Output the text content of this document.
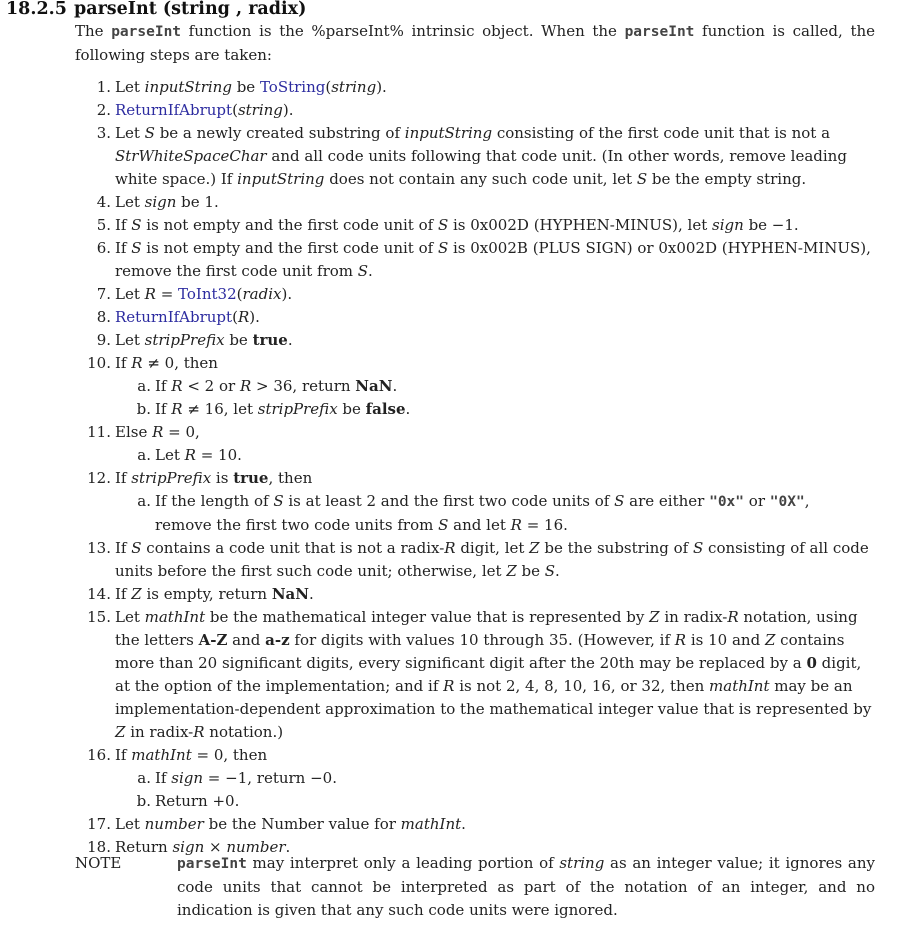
18.2.5 parseInt (string , radix)
The parseInt function is the %parseInt% intrinsic object. When the parseInt function is called, the following steps are taken:
1. Let inputString be ToString(string).
2. ReturnIfAbrupt(string).
3. Let S be a newly created substring of inputString consisting of the first code unit that is not a StrWhiteSpaceChar and all code units following that code unit. (In other words, remove leading white space.) If inputString does not contain any such code unit, let S be the empty string.
4. Let sign be 1.
5. If S is not empty and the first code unit of S is 0x002D (HYPHEN-MINUS), let sign be −1.
6. If S is not empty and the first code unit of S is 0x002B (PLUS SIGN) or 0x002D (HYPHEN-MINUS), remove the first code unit from S.
7. Let R = ToInt32(radix).
8. ReturnIfAbrupt(R).
9. Let stripPrefix be true.
10. If R ≠ 0, then
a. If R < 2 or R > 36, return NaN.
b. If R ≠ 16, let stripPrefix be false.
11. Else R = 0,
a. Let R = 10.
12. If stripPrefix is true, then
a. If the length of S is at least 2 and the first two code units of S are either "0x" or "0X", remove the first two code units from S and let R = 16.
13. If S contains a code unit that is not a radix-R digit, let Z be the substring of S consisting of all code units before the first such code unit; otherwise, let Z be S.
14. If Z is empty, return NaN.
15. Let mathInt be the mathematical integer value that is represented by Z in radix-R notation, using the letters A-Z and a-z for digits with values 10 through 35. (However, if R is 10 and Z contains more than 20 significant digits, every significant digit after the 20th may be replaced by a 0 digit, at the option of the implementation; and if R is not 2, 4, 8, 10, 16, or 32, then mathInt may be an implementation-dependent approximation to the mathematical integer value that is represented by Z in radix-R notation.)
16. If mathInt = 0, then
a. If sign = −1, return −0.
b. Return +0.
17. Let number be the Number value for mathInt.
18. Return sign × number.
NOTE	parseInt may interpret only a leading portion of string as an integer value; it ignores any code units that cannot be interpreted as part of the notation of an integer, and no indication is given that any such code units were ignored.
